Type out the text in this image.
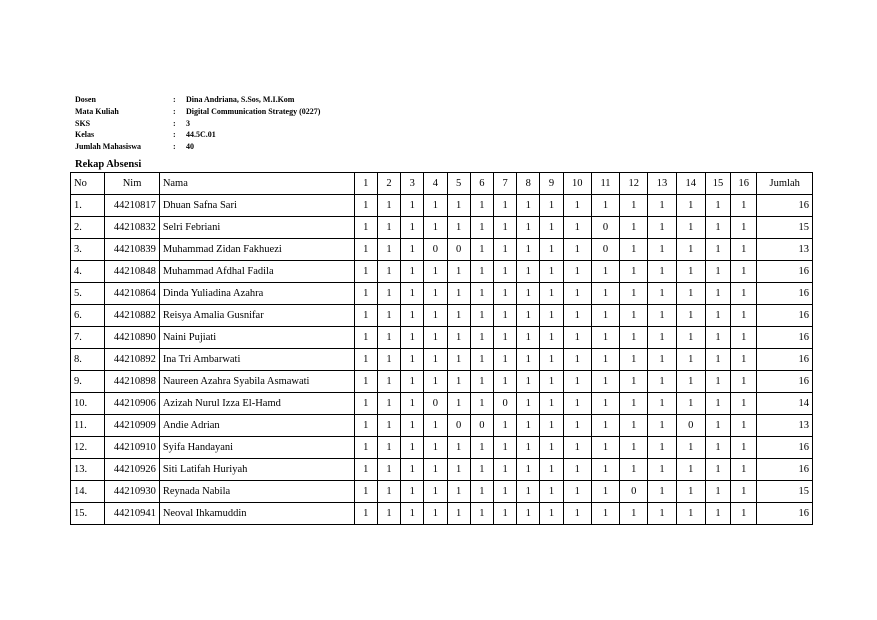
Dosen	:	Dina Andriana, S.Sos, M.I.Kom
Mata Kuliah	:	Digital Communication Strategy (0227)
SKS	:	3
Kelas	:	44.5C.01
Jumlah Mahasiswa	:	40
Rekap Absensi
No	Nim	Nama	1	2	3	4	5	6	7	8	9	10	11	12	13	14	15	16	Jumlah
1.	44210817	Dhuan Safna Sari	1	1	1	1	1	1	1	1	1	1	1	1	1	1	1	1	16
2.	44210832	Selri Febriani	1	1	1	1	1	1	1	1	1	1	0	1	1	1	1	1	15
3.	44210839	Muhammad Zidan Fakhuezi	1	1	1	0	0	1	1	1	1	1	0	1	1	1	1	1	13
4.	44210848	Muhammad Afdhal Fadila	1	1	1	1	1	1	1	1	1	1	1	1	1	1	1	1	16
5.	44210864	Dinda Yuliadina Azahra	1	1	1	1	1	1	1	1	1	1	1	1	1	1	1	1	16
6.	44210882	Reisya Amalia Gusnifar	1	1	1	1	1	1	1	1	1	1	1	1	1	1	1	1	16
7.	44210890	Naini Pujiati	1	1	1	1	1	1	1	1	1	1	1	1	1	1	1	1	16
8.	44210892	Ina Tri Ambarwati	1	1	1	1	1	1	1	1	1	1	1	1	1	1	1	1	16
9.	44210898	Naureen Azahra Syabila Asmawati	1	1	1	1	1	1	1	1	1	1	1	1	1	1	1	1	16
10.	44210906	Azizah Nurul Izza El-Hamd	1	1	1	0	1	1	0	1	1	1	1	1	1	1	1	1	14
11.	44210909	Andie Adrian	1	1	1	1	0	0	1	1	1	1	1	1	1	0	1	1	13
12.	44210910	Syifa Handayani	1	1	1	1	1	1	1	1	1	1	1	1	1	1	1	1	16
13.	44210926	Siti Latifah Huriyah	1	1	1	1	1	1	1	1	1	1	1	1	1	1	1	1	16
14.	44210930	Reynada Nabila	1	1	1	1	1	1	1	1	1	1	1	0	1	1	1	1	15
15.	44210941	Neoval Ihkamuddin	1	1	1	1	1	1	1	1	1	1	1	1	1	1	1	1	16
